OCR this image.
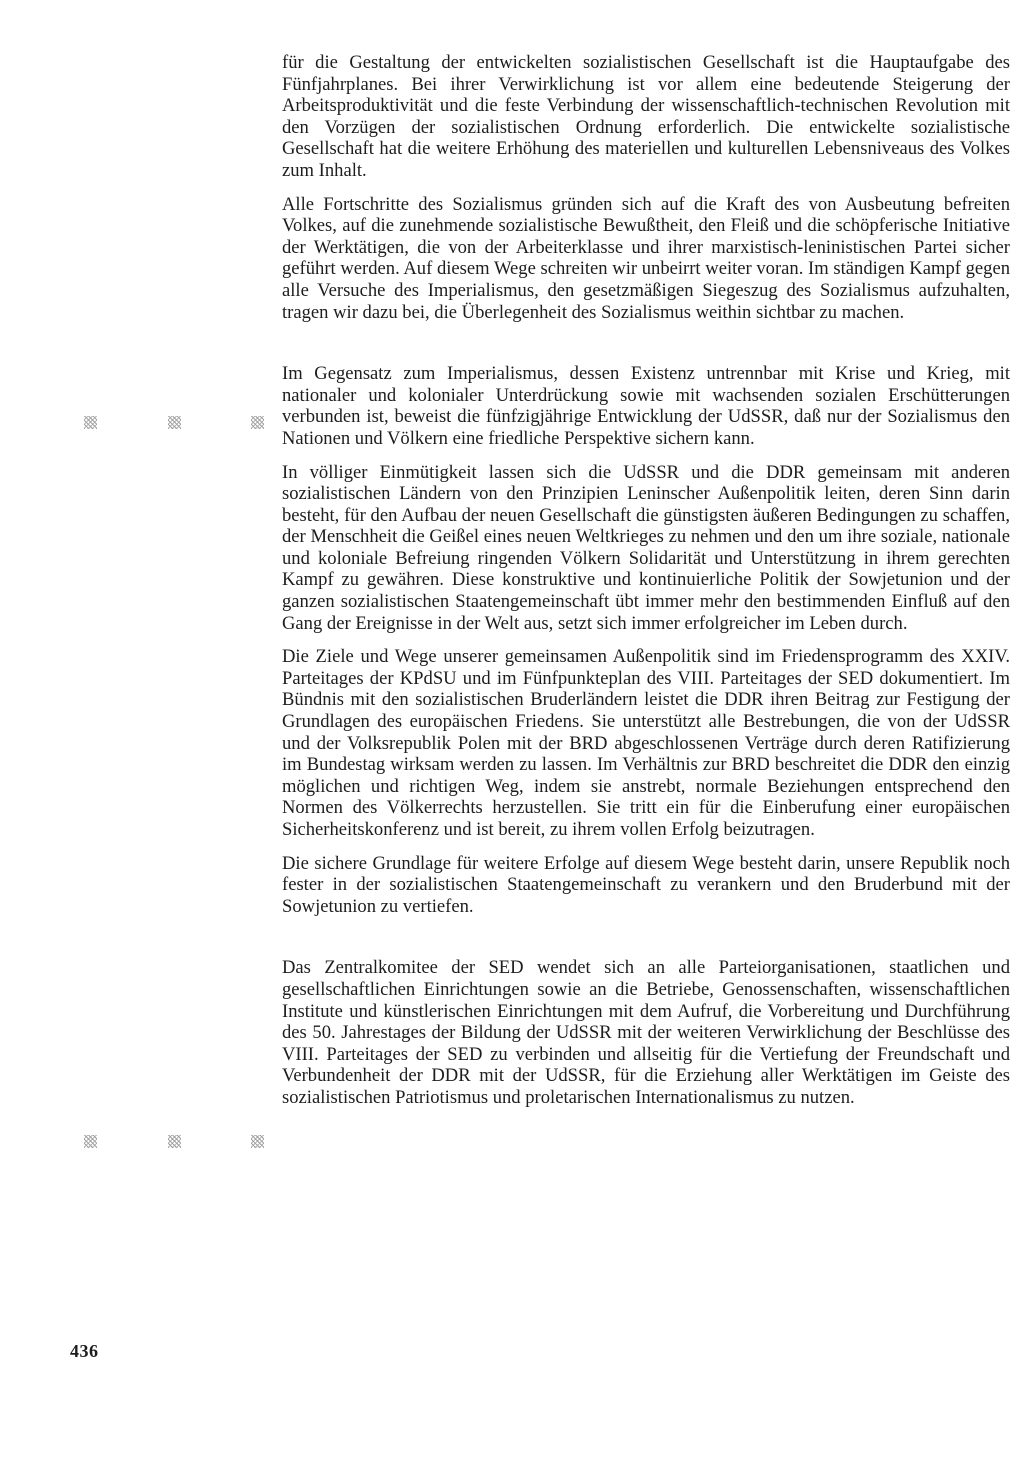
für die Gestaltung der entwickelten sozialistischen Gesellschaft ist die Hauptaufgabe des Fünfjahrplanes. Bei ihrer Verwirklichung ist vor allem eine bedeutende Steigerung der Arbeitsproduktivität und die feste Verbindung der wissenschaftlich-technischen Revolution mit den Vorzügen der sozialistischen Ordnung erforderlich. Die entwickelte sozialistische Gesellschaft hat die weitere Erhöhung des materiellen und kulturellen Lebensniveaus des Volkes zum Inhalt.

Alle Fortschritte des Sozialismus gründen sich auf die Kraft des von Ausbeutung befreiten Volkes, auf die zunehmende sozialistische Bewußtheit, den Fleiß und die schöpferische Initiative der Werktätigen, die von der Arbeiterklasse und ihrer marxistisch-leninistischen Partei sicher geführt werden. Auf diesem Wege schreiten wir unbeirrt weiter voran. Im ständigen Kampf gegen alle Versuche des Imperialismus, den gesetzmäßigen Siegeszug des Sozialismus aufzuhalten, tragen wir dazu bei, die Überlegenheit des Sozialismus weithin sichtbar zu machen.

Im Gegensatz zum Imperialismus, dessen Existenz untrennbar mit Krise und Krieg, mit nationaler und kolonialer Unterdrückung sowie mit wachsenden sozialen Erschütterungen verbunden ist, beweist die fünfzigjährige Entwicklung der UdSSR, daß nur der Sozialismus den Nationen und Völkern eine friedliche Perspektive sichern kann.

In völliger Einmütigkeit lassen sich die UdSSR und die DDR gemeinsam mit anderen sozialistischen Ländern von den Prinzipien Leninscher Außenpolitik leiten, deren Sinn darin besteht, für den Aufbau der neuen Gesellschaft die günstigsten äußeren Bedingungen zu schaffen, der Menschheit die Geißel eines neuen Weltkrieges zu nehmen und den um ihre soziale, nationale und koloniale Befreiung ringenden Völkern Solidarität und Unterstützung in ihrem gerechten Kampf zu gewähren. Diese konstruktive und kontinuierliche Politik der Sowjetunion und der ganzen sozialistischen Staatengemeinschaft übt immer mehr den bestimmenden Einfluß auf den Gang der Ereignisse in der Welt aus, setzt sich immer erfolgreicher im Leben durch.

Die Ziele und Wege unserer gemeinsamen Außenpolitik sind im Friedensprogramm des XXIV. Parteitages der KPdSU und im Fünfpunkteplan des VIII. Parteitages der SED dokumentiert. Im Bündnis mit den sozialistischen Bruderländern leistet die DDR ihren Beitrag zur Festigung der Grundlagen des europäischen Friedens. Sie unterstützt alle Bestrebungen, die von der UdSSR und der Volksrepublik Polen mit der BRD abgeschlossenen Verträge durch deren Ratifizierung im Bundestag wirksam werden zu lassen. Im Verhältnis zur BRD beschreitet die DDR den einzig möglichen und richtigen Weg, indem sie anstrebt, normale Beziehungen entsprechend den Normen des Völkerrechts herzustellen. Sie tritt ein für die Einberufung einer europäischen Sicherheitskonferenz und ist bereit, zu ihrem vollen Erfolg beizutragen.

Die sichere Grundlage für weitere Erfolge auf diesem Wege besteht darin, unsere Republik noch fester in der sozialistischen Staatengemeinschaft zu verankern und den Bruderbund mit der Sowjetunion zu vertiefen.

Das Zentralkomitee der SED wendet sich an alle Parteiorganisationen, staatlichen und gesellschaftlichen Einrichtungen sowie an die Betriebe, Genossenschaften, wissenschaftlichen Institute und künstlerischen Einrichtungen mit dem Aufruf, die Vorbereitung und Durchführung des 50. Jahrestages der Bildung der UdSSR mit der weiteren Verwirklichung der Beschlüsse des VIII. Parteitages der SED zu verbinden und allseitig für die Vertiefung der Freundschaft und Verbundenheit der DDR mit der UdSSR, für die Erziehung aller Werktätigen im Geiste des sozialistischen Patriotismus und proletarischen Internationalismus zu nutzen.

436
